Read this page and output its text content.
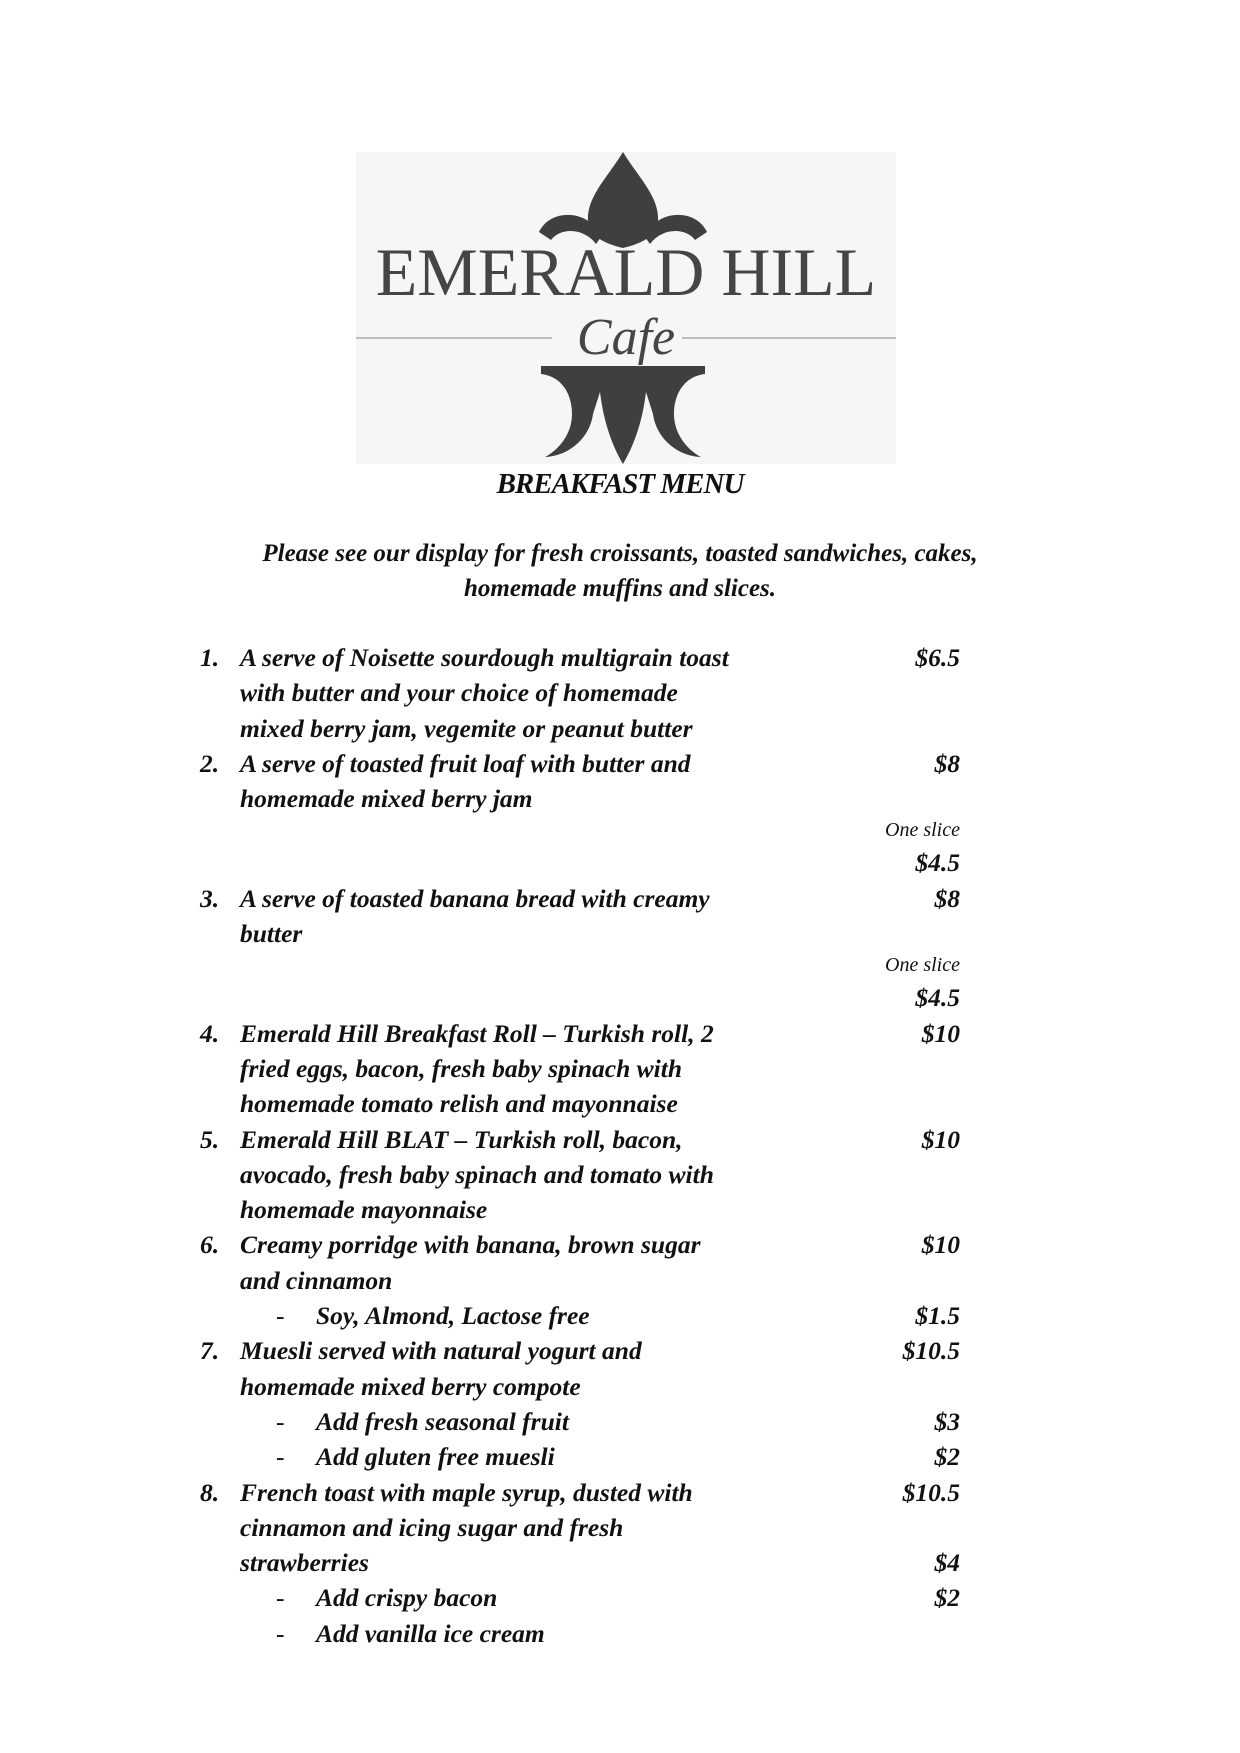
EMERALD HILL
Cafe
BREAKFAST MENU
Please see our display for fresh croissants, toasted sandwiches, cakes,
homemade muffins and slices.
1. A serve of Noisette sourdough multigrain toast	$6.5
with butter and your choice of homemade
mixed berry jam, vegemite or peanut butter
2. A serve of toasted fruit loaf with butter and	$8
homemade mixed berry jam
One slice
$4.5
3. A serve of toasted banana bread with creamy	$8
butter
One slice
$4.5
4. Emerald Hill Breakfast Roll – Turkish roll, 2	$10
fried eggs, bacon, fresh baby spinach with
homemade tomato relish and mayonnaise
5. Emerald Hill BLAT – Turkish roll, bacon,	$10
avocado, fresh baby spinach and tomato with
homemade mayonnaise
6. Creamy porridge with banana, brown sugar	$10
and cinnamon
-	Soy, Almond, Lactose free	$1.5
7. Muesli served with natural yogurt and	$10.5
homemade mixed berry compote
-	Add fresh seasonal fruit	$3
-	Add gluten free muesli	$2
8. French toast with maple syrup, dusted with	$10.5
cinnamon and icing sugar and fresh
strawberries	$4
-	Add crispy bacon	$2
-	Add vanilla ice cream
